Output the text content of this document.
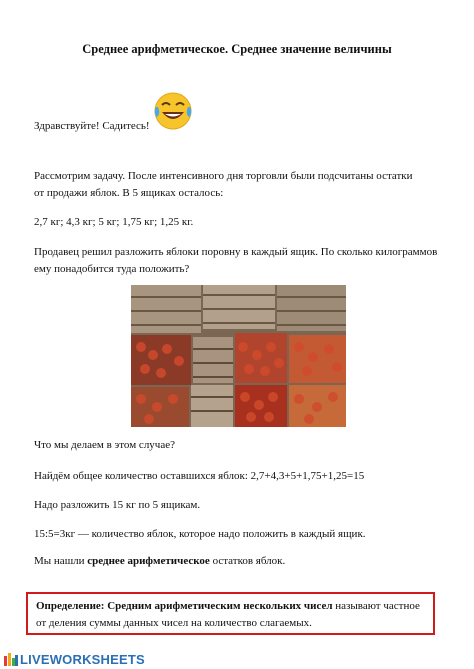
Среднее арифметическое. Среднее значение величины
Здравствуйте! Садитесь!
Рассмотрим задачу. После интенсивного дня торговли были подсчитаны остатки
от продажи яблок. В 5 ящиках осталось:
2,7 кг; 4,3 кг; 5 кг; 1,75 кг; 1,25 кг.
Продавец решил разложить яблоки поровну в каждый ящик. По сколько килограммов
ему понадобится туда положить?
Что мы делаем в этом случае?
Найдём общее количество оставшихся яблок: 2,7+4,3+5+1,75+1,25=15
Надо разложить 15 кг по 5 ящикам.
15:5=3кг — количество яблок, которое надо положить в каждый ящик.
Мы нашли среднее арифметическое остатков яблок.
Определение: Средним арифметическим нескольких чисел называют частное
от деления суммы данных чисел на количество слагаемых.
LIVEWORKSHEETS
